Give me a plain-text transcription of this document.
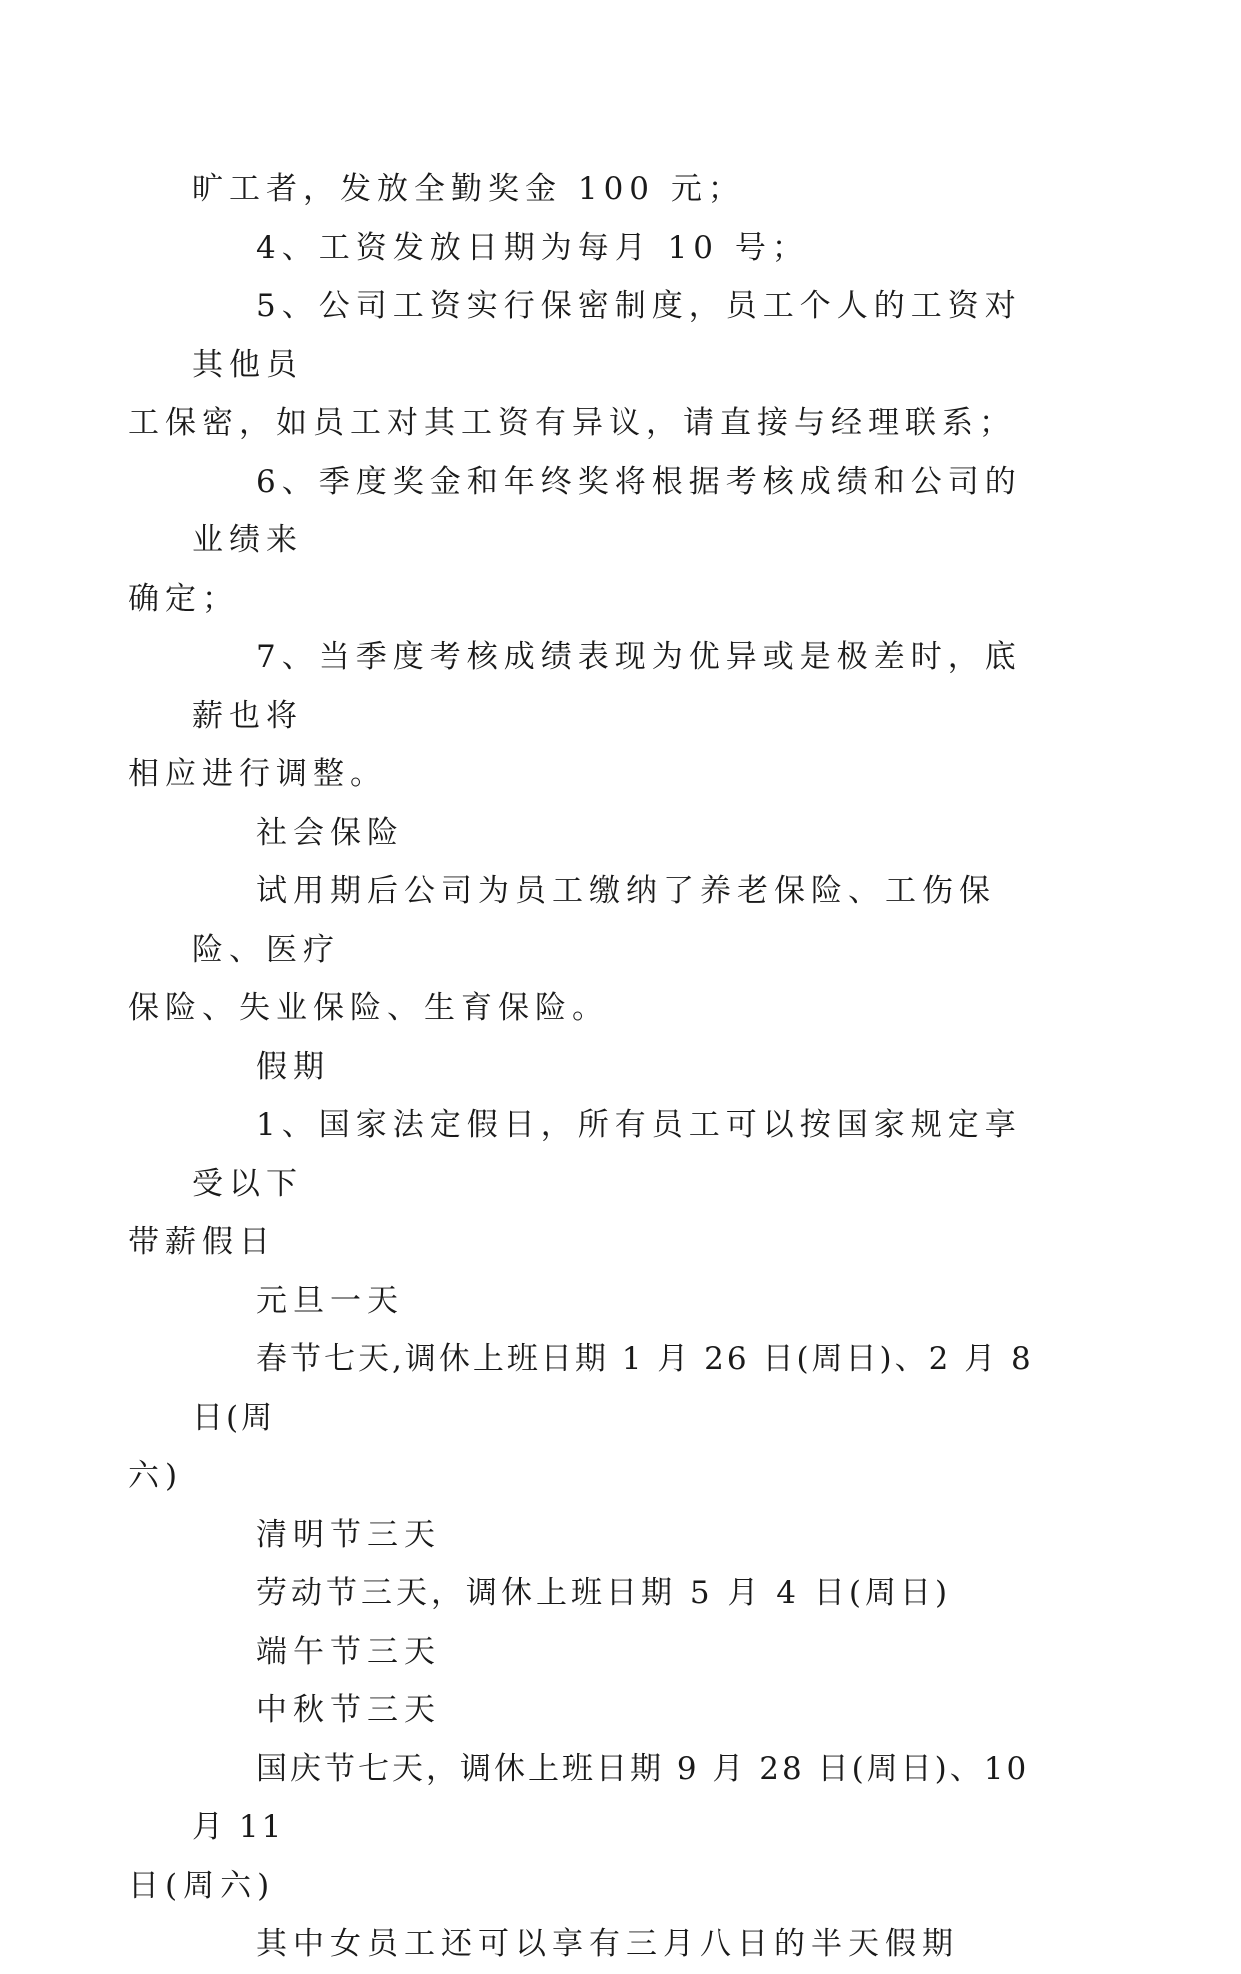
旷工者，发放全勤奖金 100 元；

4、工资发放日期为每月 10 号；

5、公司工资实行保密制度，员工个人的工资对其他员
工保密，如员工对其工资有异议，请直接与经理联系；

6、季度奖金和年终奖将根据考核成绩和公司的业绩来
确定；

7、当季度考核成绩表现为优异或是极差时，底薪也将
相应进行调整。

社会保险

试用期后公司为员工缴纳了养老保险、工伤保险、医疗
保险、失业保险、生育保险。

假期

1、国家法定假日，所有员工可以按国家规定享受以下
带薪假日

元旦一天

春节七天,调休上班日期 1 月 26 日(周日)、2 月 8 日(周
六)

清明节三天

劳动节三天，调休上班日期 5 月 4 日(周日)

端午节三天

中秋节三天

国庆节七天，调休上班日期 9 月 28 日(周日)、10 月 11
日(周六)

其中女员工还可以享有三月八日的半天假期
